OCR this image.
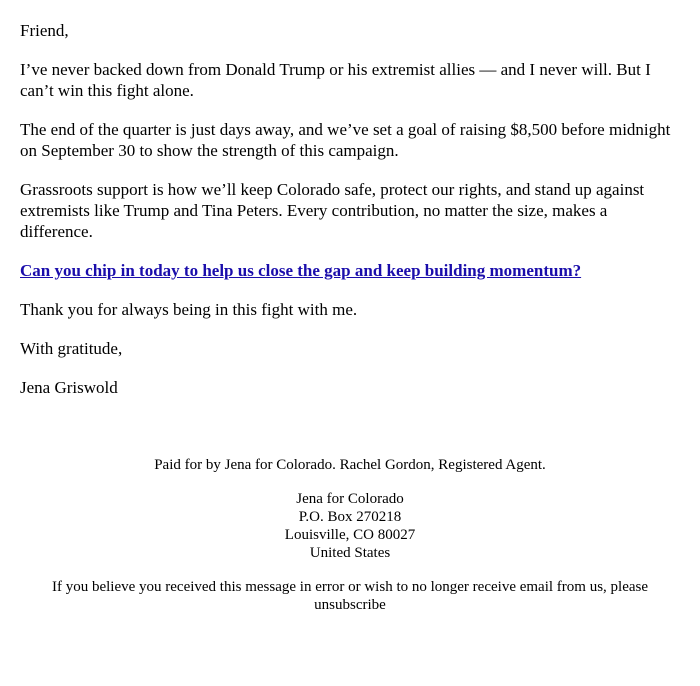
Friend,

I’ve never backed down from Donald Trump or his extremist allies — and I never will. But I can’t win this fight alone.

The end of the quarter is just days away, and we’ve set a goal of raising $8,500 before midnight on September 30 to show the strength of this campaign.

Grassroots support is how we’ll keep Colorado safe, protect our rights, and stand up against extremists like Trump and Tina Peters. Every contribution, no matter the size, makes a difference.

Can you chip in today to help us close the gap and keep building momentum?

Thank you for always being in this fight with me.

With gratitude,

Jena Griswold

Paid for by Jena for Colorado. Rachel Gordon, Registered Agent.

Jena for Colorado
P.O. Box 270218
Louisville, CO 80027
United States

If you believe you received this message in error or wish to no longer receive email from us, please
unsubscribe
